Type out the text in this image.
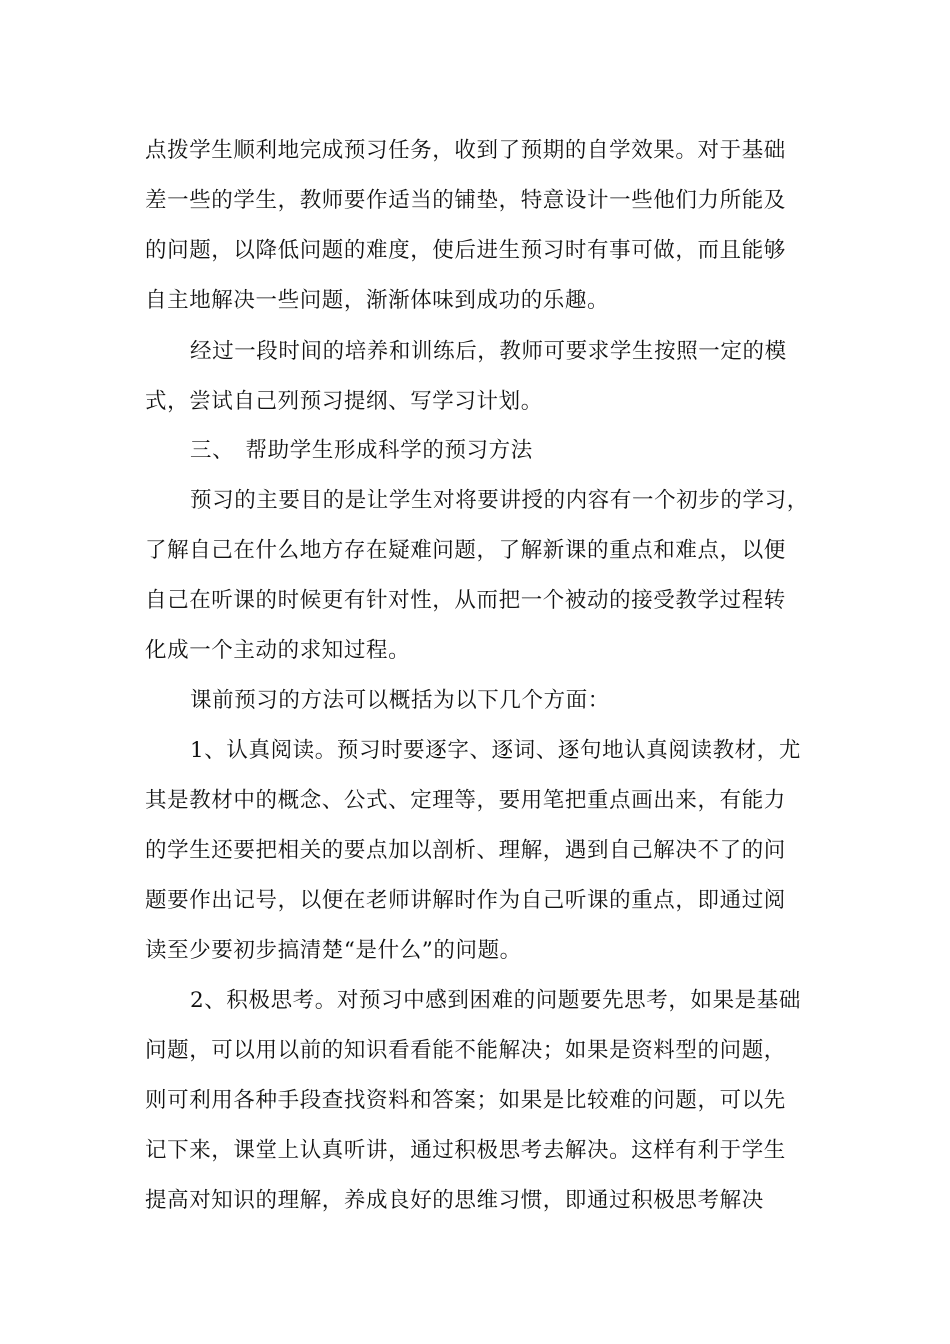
点拨学生顺利地完成预习任务，收到了预期的自学效果。对于基础
差一些的学生，教师要作适当的铺垫，特意设计一些他们力所能及
的问题，以降低问题的难度，使后进生预习时有事可做，而且能够
自主地解决一些问题，渐渐体味到成功的乐趣。
经过一段时间的培养和训练后，教师可要求学生按照一定的模
式，尝试自己列预习提纲、写学习计划。
三、　帮助学生形成科学的预习方法
预习的主要目的是让学生对将要讲授的内容有一个初步的学习，
了解自己在什么地方存在疑难问题，了解新课的重点和难点，以便
自己在听课的时候更有针对性，从而把一个被动的接受教学过程转
化成一个主动的求知过程。
课前预习的方法可以概括为以下几个方面：
1、认真阅读。预习时要逐字、逐词、逐句地认真阅读教材，尤
其是教材中的概念、公式、定理等，要用笔把重点画出来，有能力
的学生还要把相关的要点加以剖析、理解，遇到自己解决不了的问
题要作出记号，以便在老师讲解时作为自己听课的重点，即通过阅
读至少要初步搞清楚“是什么”的问题。
2、积极思考。对预习中感到困难的问题要先思考，如果是基础
问题，可以用以前的知识看看能不能解决；如果是资料型的问题，
则可利用各种手段查找资料和答案；如果是比较难的问题，可以先
记下来，课堂上认真听讲，通过积极思考去解决。这样有利于学生
提高对知识的理解，养成良好的思维习惯，即通过积极思考解决
